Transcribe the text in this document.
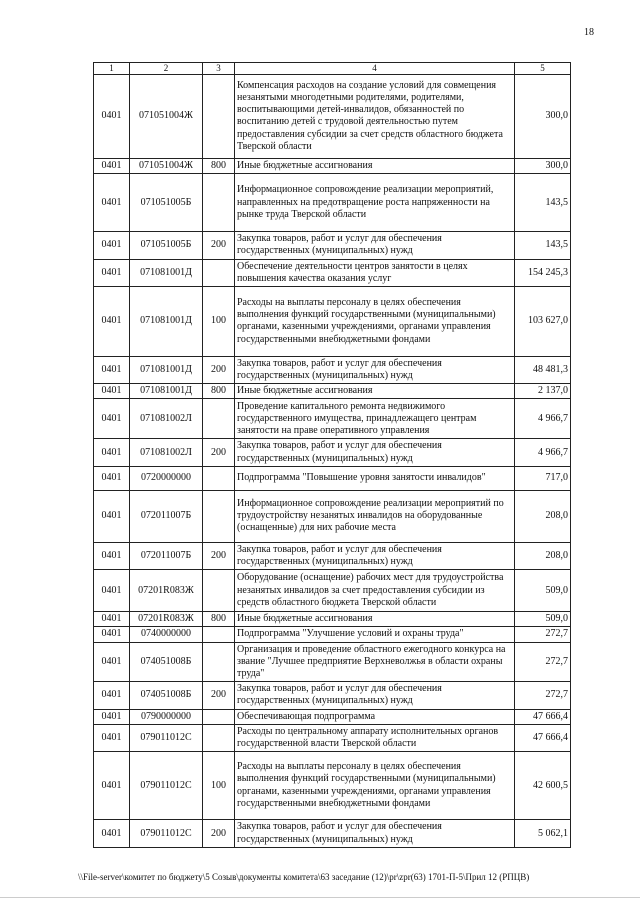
18
1	2	3	4	5
0401	071051004Ж		Компенсация расходов на создание условий для совмещения незанятыми многодетными родителями, родителями, воспитывающими детей-инвалидов, обязанностей по воспитанию детей с трудовой деятельностью путем предоставления субсидии за счет средств областного бюджета Тверской области	300,0
0401	071051004Ж	800	Иные бюджетные ассигнования	300,0
0401	071051005Б		Информационное сопровождение реализации мероприятий, направленных на предотвращение роста напряженности на рынке труда Тверской области	143,5
0401	071051005Б	200	Закупка товаров, работ и услуг для обеспечения государственных (муниципальных) нужд	143,5
0401	071081001Д		Обеспечение деятельности центров занятости в целях повышения качества оказания услуг	154 245,3
0401	071081001Д	100	Расходы на выплаты персоналу в целях обеспечения выполнения функций государственными (муниципальными) органами, казенными учреждениями, органами управления государственными внебюджетными фондами	103 627,0
0401	071081001Д	200	Закупка товаров, работ и услуг для обеспечения государственных (муниципальных) нужд	48 481,3
0401	071081001Д	800	Иные бюджетные ассигнования	2 137,0
0401	071081002Л		Проведение капитального ремонта недвижимого государственного имущества, принадлежащего центрам занятости на праве оперативного управления	4 966,7
0401	071081002Л	200	Закупка товаров, работ и услуг для обеспечения государственных (муниципальных) нужд	4 966,7
0401	0720000000		Подпрограмма "Повышение уровня занятости инвалидов"	717,0
0401	072011007Б		Информационное сопровождение реализации мероприятий по трудоустройству незанятых инвалидов на оборудованные (оснащенные) для них рабочие места	208,0
0401	072011007Б	200	Закупка товаров, работ и услуг для обеспечения государственных (муниципальных) нужд	208,0
0401	07201R083Ж		Оборудование (оснащение) рабочих мест для трудоустройства незанятых инвалидов за счет предоставления субсидии из средств областного бюджета Тверской области	509,0
0401	07201R083Ж	800	Иные бюджетные ассигнования	509,0
0401	0740000000		Подпрограмма "Улучшение условий и охраны труда"	272,7
0401	074051008Б		Организация и проведение областного ежегодного конкурса на звание "Лучшее предприятие Верхневолжья в области охраны труда"	272,7
0401	074051008Б	200	Закупка товаров, работ и услуг для обеспечения государственных (муниципальных) нужд	272,7
0401	0790000000		Обеспечивающая подпрограмма	47 666,4
0401	079011012С		Расходы по центральному аппарату исполнительных органов государственной власти Тверской области	47 666,4
0401	079011012С	100	Расходы на выплаты персоналу в целях обеспечения выполнения функций государственными (муниципальными) органами, казенными учреждениями, органами управления государственными внебюджетными фондами	42 600,5
0401	079011012С	200	Закупка товаров, работ и услуг для обеспечения государственных (муниципальных) нужд	5 062,1
\\File-server\комитет по бюджету\5 Созыв\документы комитета\63 заседание (12)\pr\zpr(63) 1701-П-5\Прил 12 (РПЦВ)
